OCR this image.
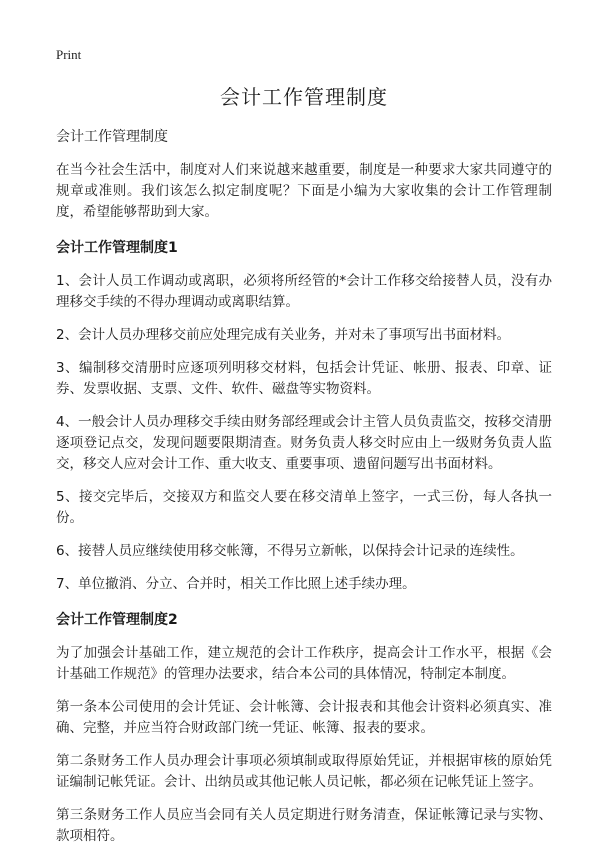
Print
会计工作管理制度

会计工作管理制度

在当今社会生活中，制度对人们来说越来越重要，制度是一种要求大家共同遵守的规章或准则。我们该怎么拟定制度呢？下面是小编为大家收集的会计工作管理制度，希望能够帮助到大家。

会计工作管理制度1

1、会计人员工作调动或离职，必须将所经管的*会计工作移交给接替人员，没有办理移交手续的不得办理调动或离职结算。

2、会计人员办理移交前应处理完成有关业务，并对未了事项写出书面材料。

3、编制移交清册时应逐项列明移交材料，包括会计凭证、帐册、报表、印章、证券、发票收据、支票、文件、软件、磁盘等实物资料。

4、一般会计人员办理移交手续由财务部经理或会计主管人员负责监交，按移交清册逐项登记点交，发现问题要限期清查。财务负责人移交时应由上一级财务负责人监交，移交人应对会计工作、重大收支、重要事项、遗留问题写出书面材料。

5、接交完毕后，交接双方和监交人要在移交清单上签字，一式三份，每人各执一份。

6、接替人员应继续使用移交帐簿，不得另立新帐，以保持会计记录的连续性。

7、单位撤消、分立、合并时，相关工作比照上述手续办理。

会计工作管理制度2

为了加强会计基础工作，建立规范的会计工作秩序，提高会计工作水平，根据《会计基础工作规范》的管理办法要求，结合本公司的具体情况，特制定本制度。

第一条本公司使用的会计凭证、会计帐簿、会计报表和其他会计资料必须真实、准确、完整，并应当符合财政部门统一凭证、帐簿、报表的要求。

第二条财务工作人员办理会计事项必须填制或取得原始凭证，并根据审核的原始凭证编制记帐凭证。会计、出纳员或其他记帐人员记帐，都必须在记帐凭证上签字。

第三条财务工作人员应当会同有关人员定期进行财务清查，保证帐簿记录与实物、款项相符。
